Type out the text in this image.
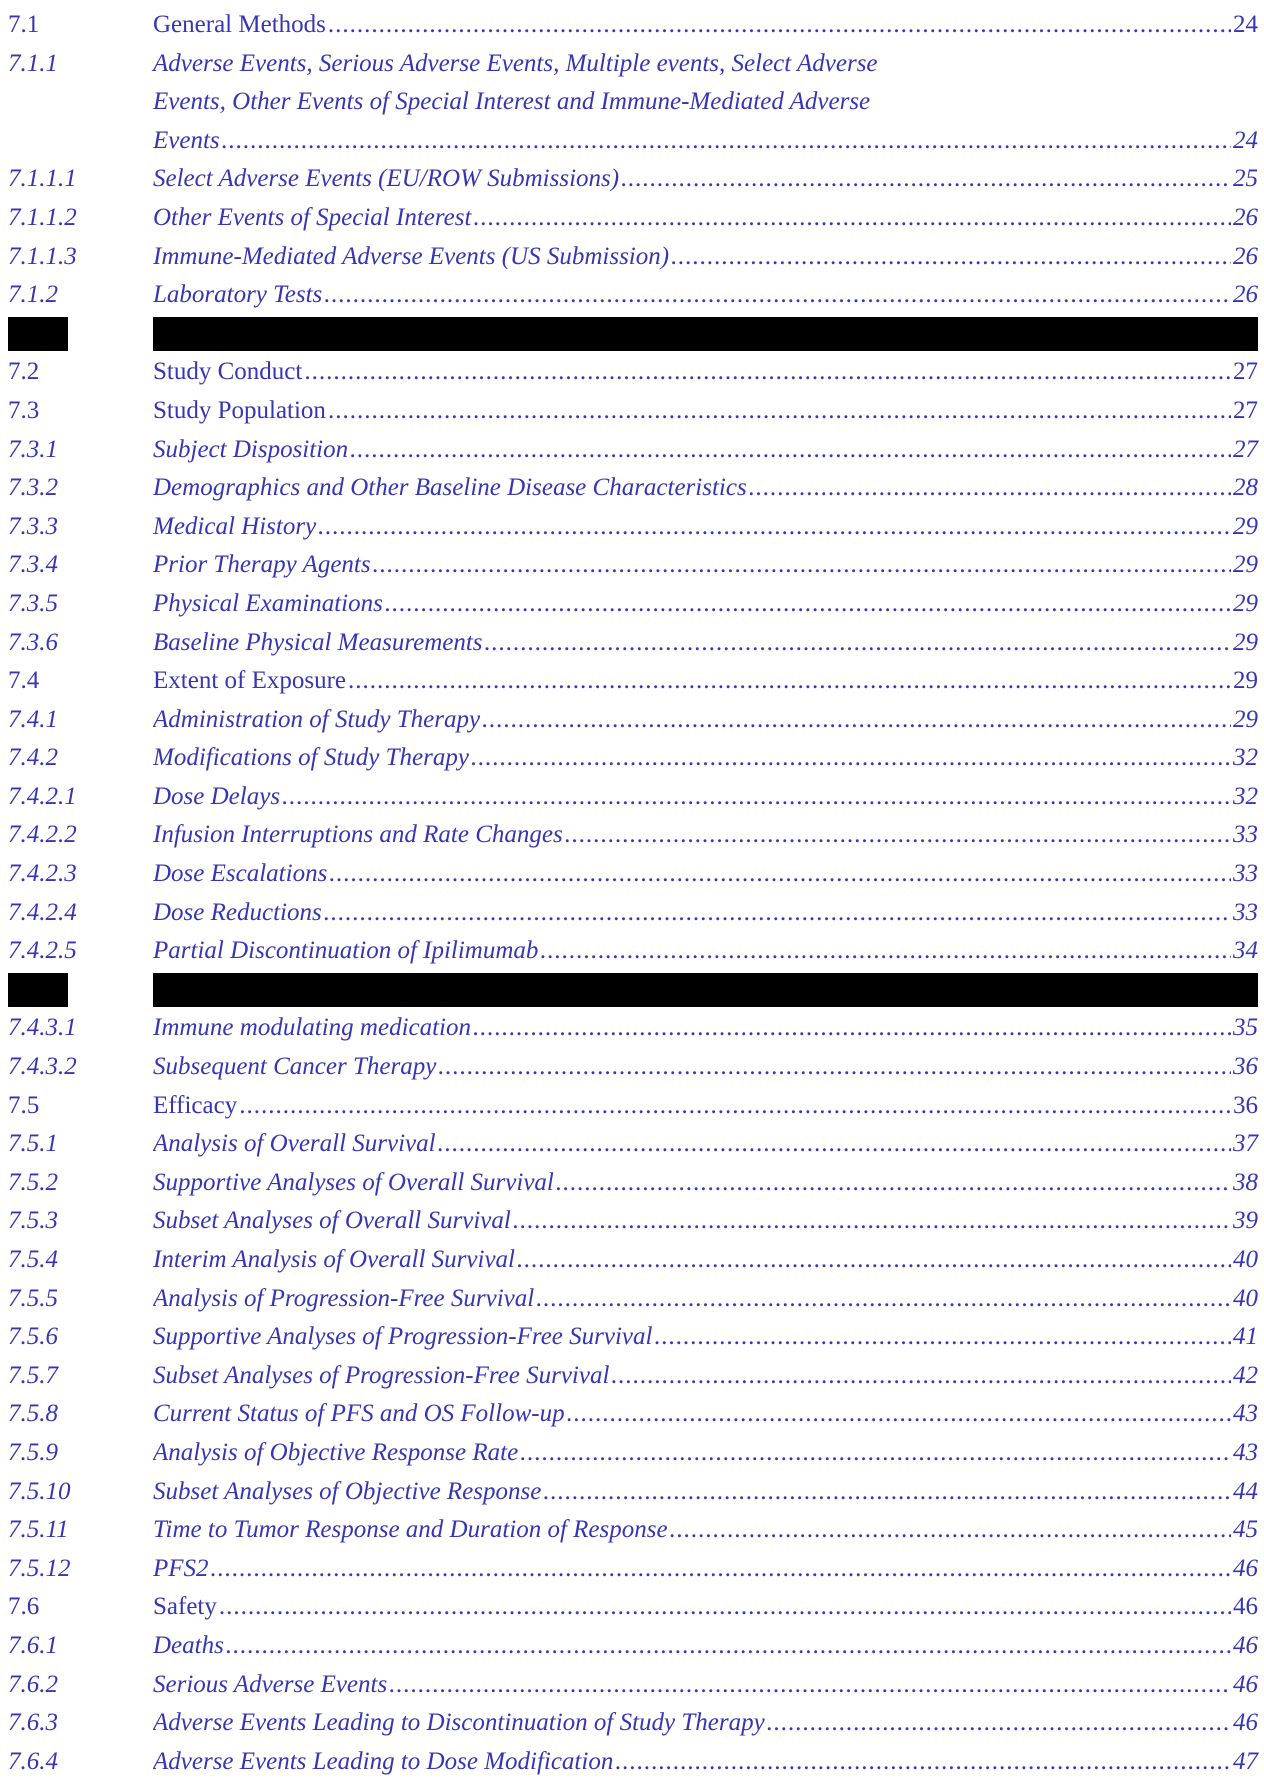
7.1	General Methods .....	24
7.1.1	Adverse Events, Serious Adverse Events, Multiple events, Select Adverse
Events, Other Events of Special Interest and Immune-Mediated Adverse
Events .....	24
7.1.1.1	Select Adverse Events (EU/ROW Submissions) .....	25
7.1.1.2	Other Events of Special Interest .....	26
7.1.1.3	Immune-Mediated Adverse Events (US Submission) .....	26
7.1.2	Laboratory Tests .....	26
7.2	Study Conduct .....	27
7.3	Study Population .....	27
7.3.1	Subject Disposition .....	27
7.3.2	Demographics and Other Baseline Disease Characteristics .....	28
7.3.3	Medical History .....	29
7.3.4	Prior Therapy Agents .....	29
7.3.5	Physical Examinations .....	29
7.3.6	Baseline Physical Measurements .....	29
7.4	Extent of Exposure .....	29
7.4.1	Administration of Study Therapy .....	29
7.4.2	Modifications of Study Therapy .....	32
7.4.2.1	Dose Delays .....	32
7.4.2.2	Infusion Interruptions and Rate Changes .....	33
7.4.2.3	Dose Escalations .....	33
7.4.2.4	Dose Reductions .....	33
7.4.2.5	Partial Discontinuation of Ipilimumab .....	34
7.4.3.1	Immune modulating medication .....	35
7.4.3.2	Subsequent Cancer Therapy .....	36
7.5	Efficacy .....	36
7.5.1	Analysis of Overall Survival .....	37
7.5.2	Supportive Analyses of Overall Survival .....	38
7.5.3	Subset Analyses of Overall Survival .....	39
7.5.4	Interim Analysis of Overall Survival .....	40
7.5.5	Analysis of Progression-Free Survival .....	40
7.5.6	Supportive Analyses of Progression-Free Survival .....	41
7.5.7	Subset Analyses of Progression-Free Survival .....	42
7.5.8	Current Status of PFS and OS Follow-up .....	43
7.5.9	Analysis of Objective Response Rate .....	43
7.5.10	Subset Analyses of Objective Response .....	44
7.5.11	Time to Tumor Response and Duration of Response .....	45
7.5.12	PFS2 .....	46
7.6	Safety .....	46
7.6.1	Deaths .....	46
7.6.2	Serious Adverse Events .....	46
7.6.3	Adverse Events Leading to Discontinuation of Study Therapy .....	46
7.6.4	Adverse Events Leading to Dose Modification .....	47
